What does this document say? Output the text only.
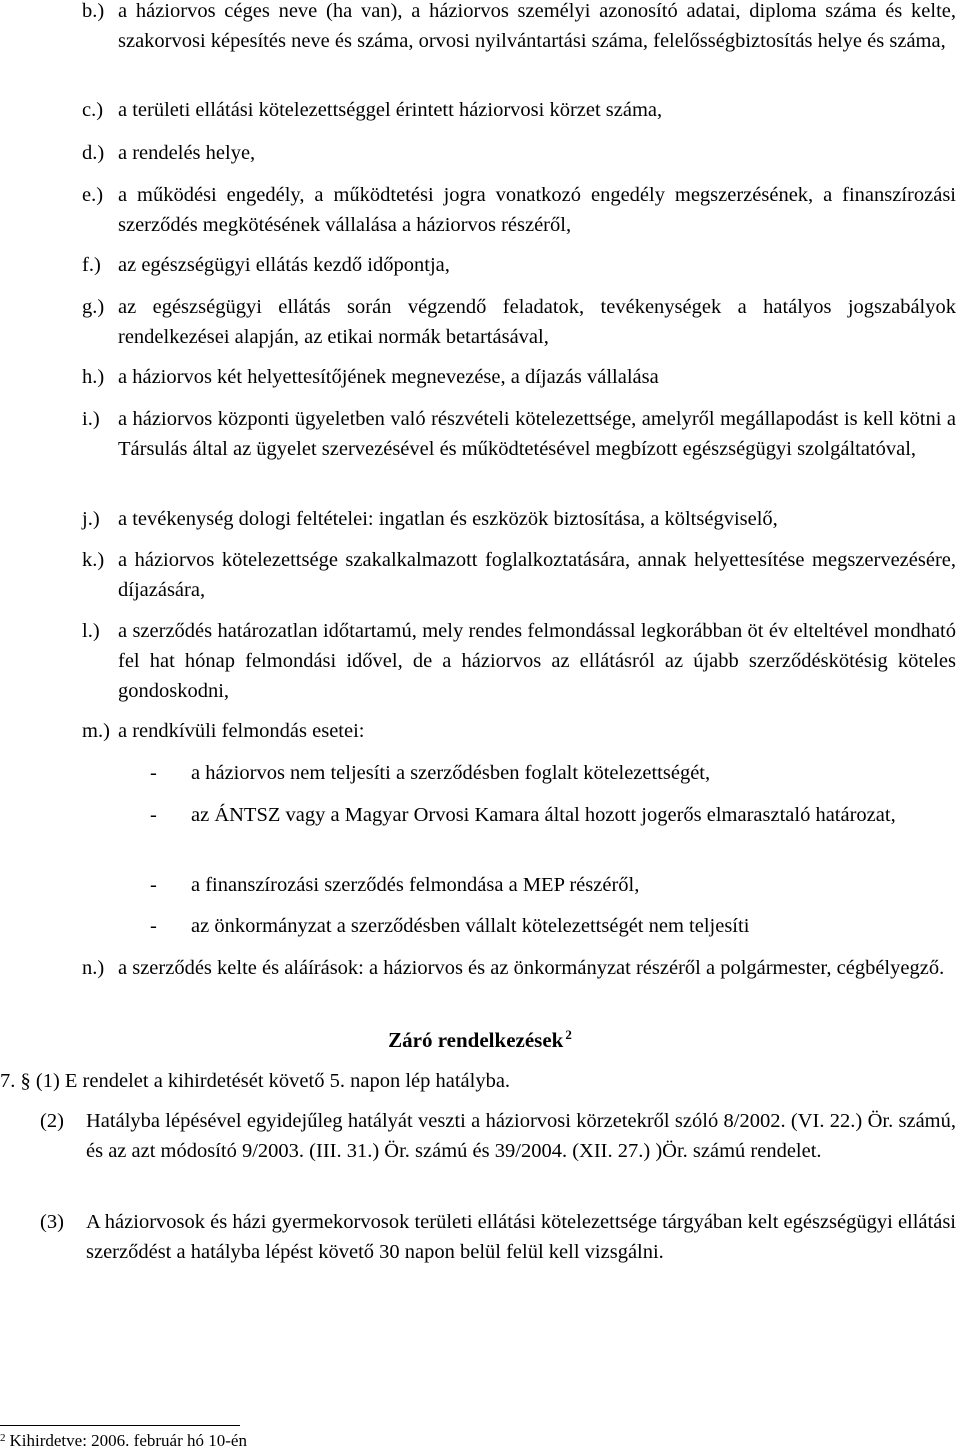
b.) a háziorvos céges neve (ha van), a háziorvos személyi azonosító adatai, diploma száma és kelte, szakorvosi képesítés neve és száma, orvosi nyilvántartási száma, felelősségbiztosítás helye és száma,
c.) a területi ellátási kötelezettséggel érintett háziorvosi körzet száma,
d.) a rendelés helye,
e.) a működési engedély, a működtetési jogra vonatkozó engedély megszerzésének, a finanszírozási szerződés megkötésének vállalása a háziorvos részéről,
f.) az egészségügyi ellátás kezdő időpontja,
g.) az egészségügyi ellátás során végzendő feladatok, tevékenységek a hatályos jogszabályok rendelkezései alapján, az etikai normák betartásával,
h.) a háziorvos két helyettesítőjének megnevezése, a díjazás vállalása
i.) a háziorvos központi ügyeletben való részvételi kötelezettsége, amelyről megállapodást is kell kötni a Társulás által az ügyelet szervezésével és működtetésével megbízott egészségügyi szolgáltatóval,
j.) a tevékenység dologi feltételei: ingatlan és eszközök biztosítása, a költségviselő,
k.) a háziorvos kötelezettsége szakalkalmazott foglalkoztatására, annak helyettesítése megszervezésére, díjazására,
l.) a szerződés határozatlan időtartamú, mely rendes felmondással legkorábban öt év elteltével mondható fel hat hónap felmondási idővel, de a háziorvos az ellátásról az újabb szerződéskötésig köteles gondoskodni,
m.) a rendkívüli felmondás esetei:
- a háziorvos nem teljesíti a szerződésben foglalt kötelezettségét,
- az ÁNTSZ vagy a Magyar Orvosi Kamara által hozott jogerős elmarasztaló határozat,
- a finanszírozási szerződés felmondása a MEP részéről,
- az önkormányzat a szerződésben vállalt kötelezettségét nem teljesíti
n.) a szerződés kelte és aláírások: a háziorvos és az önkormányzat részéről a polgármester, cégbélyegző.
Záró rendelkezések $^2$
7. § (1) E rendelet a kihirdetését követő 5. napon lép hatályba.
(2) Hatályba lépésével egyidejűleg hatályát veszti a háziorvosi körzetekről szóló 8/2002. (VI. 22.) Ör. számú, és az azt módosító 9/2003. (III. 31.) Ör. számú és 39/2004. (XII. 27.) )Ör. számú rendelet.
(3) A háziorvosok és házi gyermekorvosok területi ellátási kötelezettsége tárgyában kelt egészségügyi ellátási szerződést a hatályba lépést követő 30 napon belül felül kell vizsgálni.
$^2$ Kihirdetve: 2006. február hó 10-én
